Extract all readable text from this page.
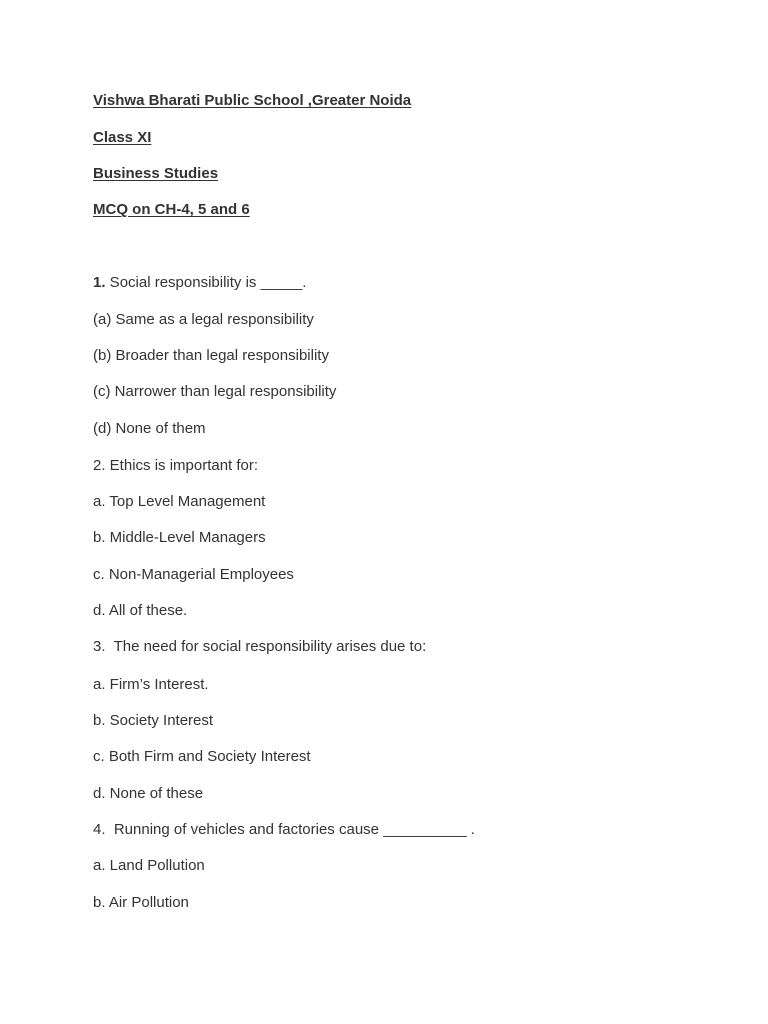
Vishwa Bharati Public School ,Greater Noida
Class XI
Business Studies
MCQ on CH-4, 5 and 6
1. Social responsibility is _____.
(a) Same as a legal responsibility
(b) Broader than legal responsibility
(c) Narrower than legal responsibility
(d) None of them
2. Ethics is important for:
a. Top Level Management
b. Middle-Level Managers
c. Non-Managerial Employees
d. All of these.
3.  The need for social responsibility arises due to:
a. Firm’s Interest.
b. Society Interest
c. Both Firm and Society Interest
d. None of these
4.  Running of vehicles and factories cause __________ .
a. Land Pollution
b. Air Pollution
